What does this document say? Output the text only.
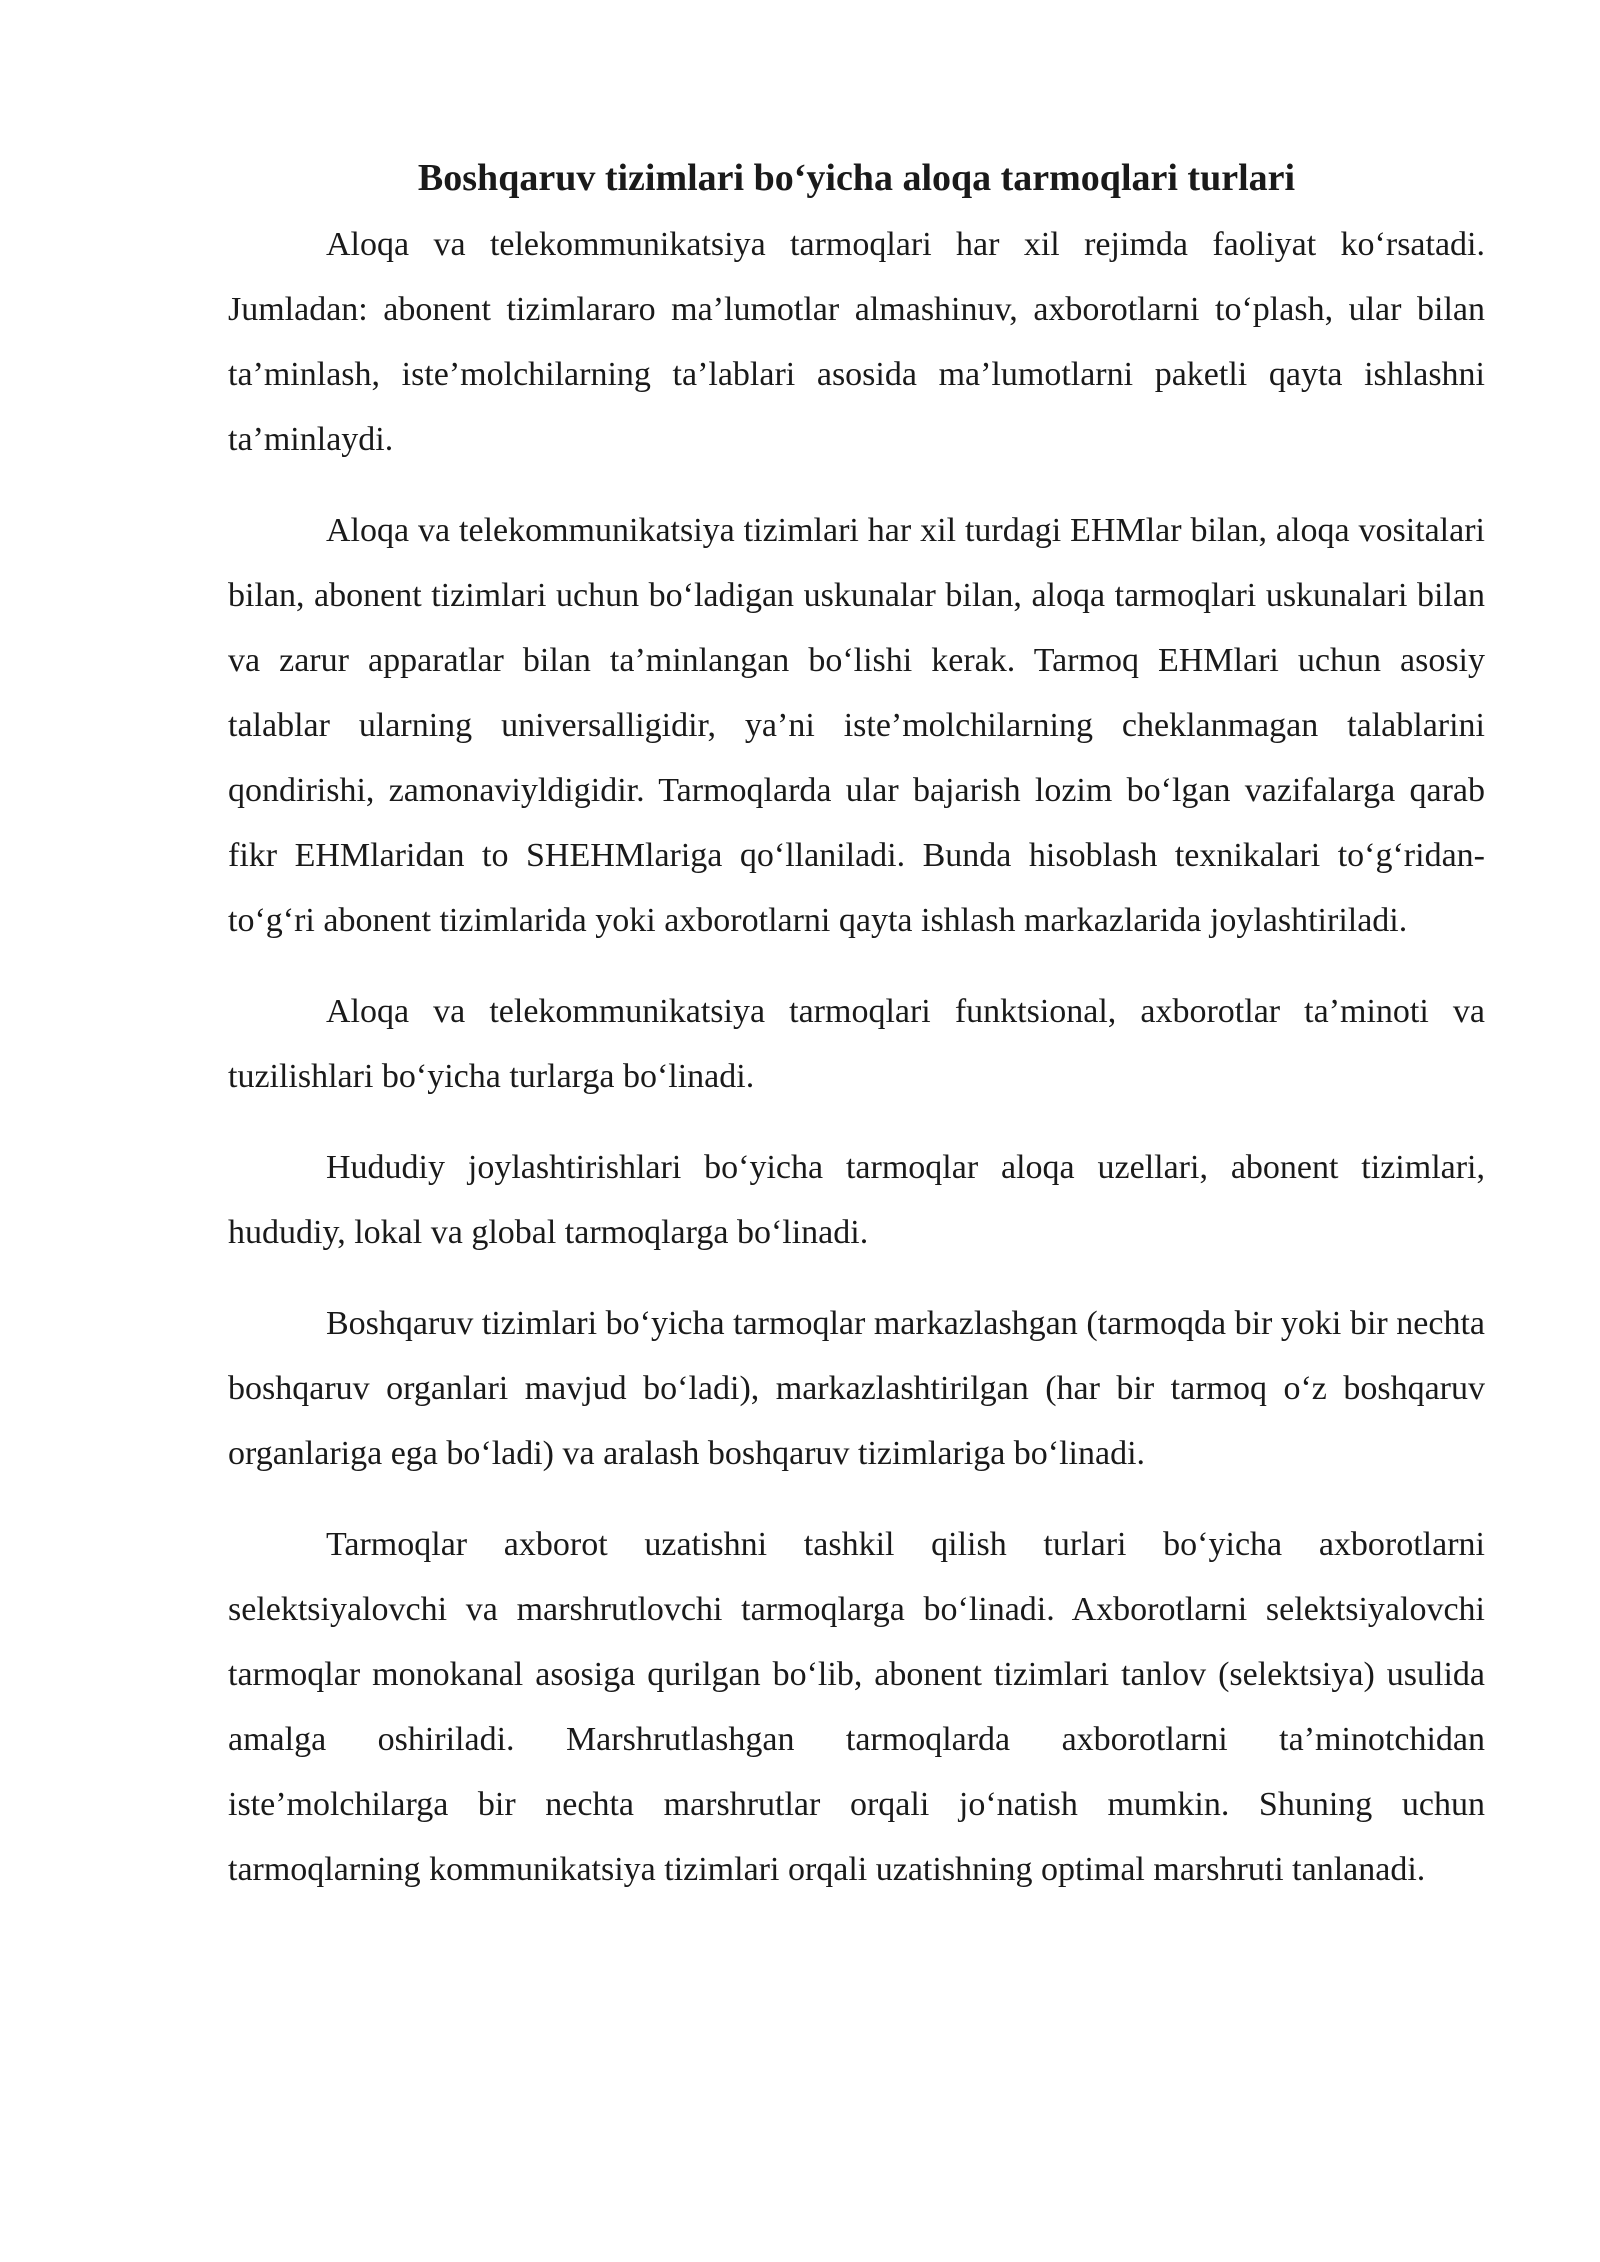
Boshqaruv tizimlari bo‘yicha aloqa tarmoqlari turlari

Aloqa va telekommunikatsiya tarmoqlari har xil rejimda faoliyat ko‘rsatadi. Jumladan: abonent tizimlararo ma’lumotlar almashinuv, axborotlarni to‘plash, ular bilan ta’minlash, iste’molchilarning ta’lablari asosida ma’lumotlarni paketli qayta ishlashni ta’minlaydi.

Aloqa va telekommunikatsiya tizimlari har xil turdagi EHMlar bilan, aloqa vositalari bilan, abonent tizimlari uchun bo‘ladigan uskunalar bilan, aloqa tarmoqlari uskunalari bilan va zarur apparatlar bilan ta’minlangan bo‘lishi kerak. Tarmoq EHMlari uchun asosiy talablar ularning universalligidir, ya’ni iste’molchilarning cheklanmagan talablarini qondirishi, zamonaviyldigidir. Tarmoqlarda ular bajarish lozim bo‘lgan vazifalarga qarab fikr EHMlaridan to SHEHMlariga qo‘llaniladi. Bunda hisoblash texnikalari to‘g‘ridan-to‘g‘ri abonent tizimlarida yoki axborotlarni qayta ishlash markazlarida joylashtiriladi.

Aloqa va telekommunikatsiya tarmoqlari funktsional, axborotlar ta’minoti va tuzilishlari bo‘yicha turlarga bo‘linadi.

Hududiy joylashtirishlari bo‘yicha tarmoqlar aloqa uzellari, abonent tizimlari, hududiy, lokal va global tarmoqlarga bo‘linadi.

Boshqaruv tizimlari bo‘yicha tarmoqlar markazlashgan (tarmoqda bir yoki bir nechta boshqaruv organlari mavjud bo‘ladi), markazlashtirilgan (har bir tarmoq o‘z boshqaruv organlariga ega bo‘ladi) va aralash boshqaruv tizimlariga bo‘linadi.

Tarmoqlar axborot uzatishni tashkil qilish turlari bo‘yicha axborotlarni selektsiyalovchi va marshrutlovchi tarmoqlarga bo‘linadi. Axborotlarni selektsiyalovchi tarmoqlar monokanal asosiga qurilgan bo‘lib, abonent tizimlari tanlov (selektsiya) usulida amalga oshiriladi. Marshrutlashgan tarmoqlarda axborotlarni ta’minotchidan iste’molchilarga bir nechta marshrutlar orqali jo‘natish mumkin. Shuning uchun tarmoqlarning kommunikatsiya tizimlari orqali uzatishning optimal marshruti tanlanadi.
